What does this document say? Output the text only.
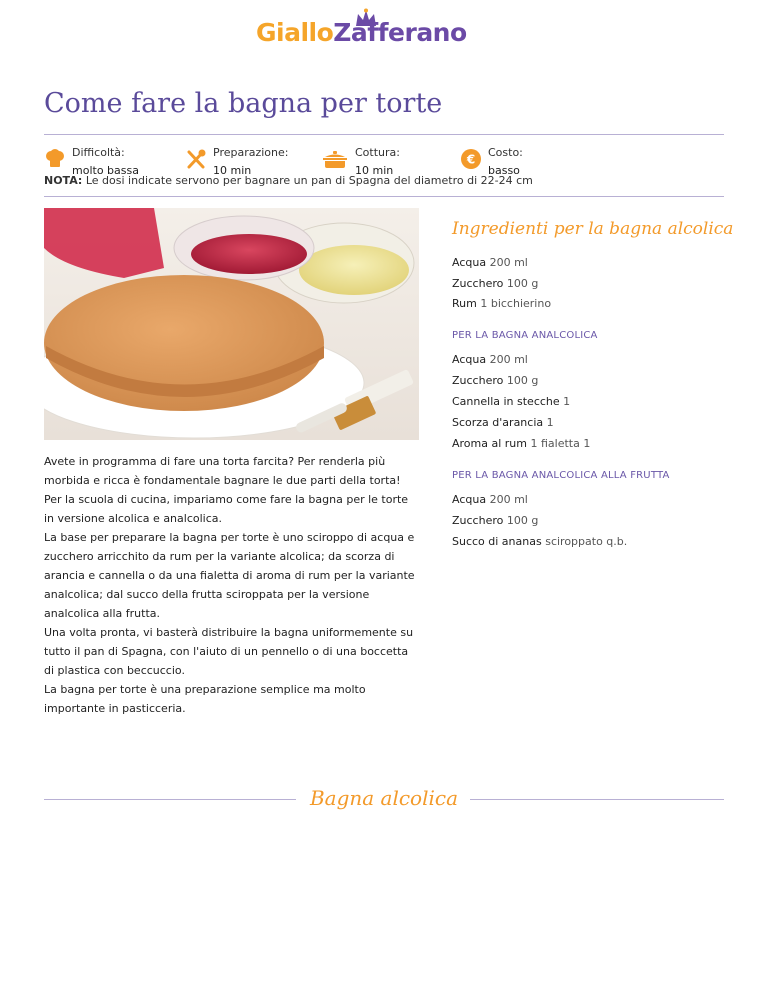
GialloZafferano
Come fare la bagna per torte
Difficoltà:
molto bassa
Preparazione:
10 min
Cottura:
10 min
€ Costo:
basso
NOTA: Le dosi indicate servono per bagnare un pan di Spagna del diametro di 22-24 cm

Avete in programma di fare una torta farcita? Per renderla più morbida e ricca è fondamentale bagnare le due parti della torta! Per la scuola di cucina, impariamo come fare la bagna per le torte in versione alcolica e analcolica.

La base per preparare la bagna per torte è uno sciroppo di acqua e zucchero arricchito da rum per la variante alcolica; da scorza di arancia e cannella o da una fialetta di aroma di rum per la variante analcolica; dal succo della frutta sciroppata per la versione analcolica alla frutta.

Una volta pronta, vi basterà distribuire la bagna uniformemente su tutto il pan di Spagna, con l'aiuto di un pennello o di una boccetta di plastica con beccuccio.

La bagna per torte è una preparazione semplice ma molto importante in pasticceria.

Ingredienti per la bagna alcolica
Acqua 200 ml
Zucchero 100 g
Rum 1 bicchierino
PER LA BAGNA ANALCOLICA
Acqua 200 ml
Zucchero 100 g
Cannella in stecche 1
Scorza d'arancia 1
Aroma al rum 1 fialetta 1
PER LA BAGNA ANALCOLICA ALLA FRUTTA
Acqua 200 ml
Zucchero 100 g
Succo di ananas sciroppato q.b.
Bagna alcolica
